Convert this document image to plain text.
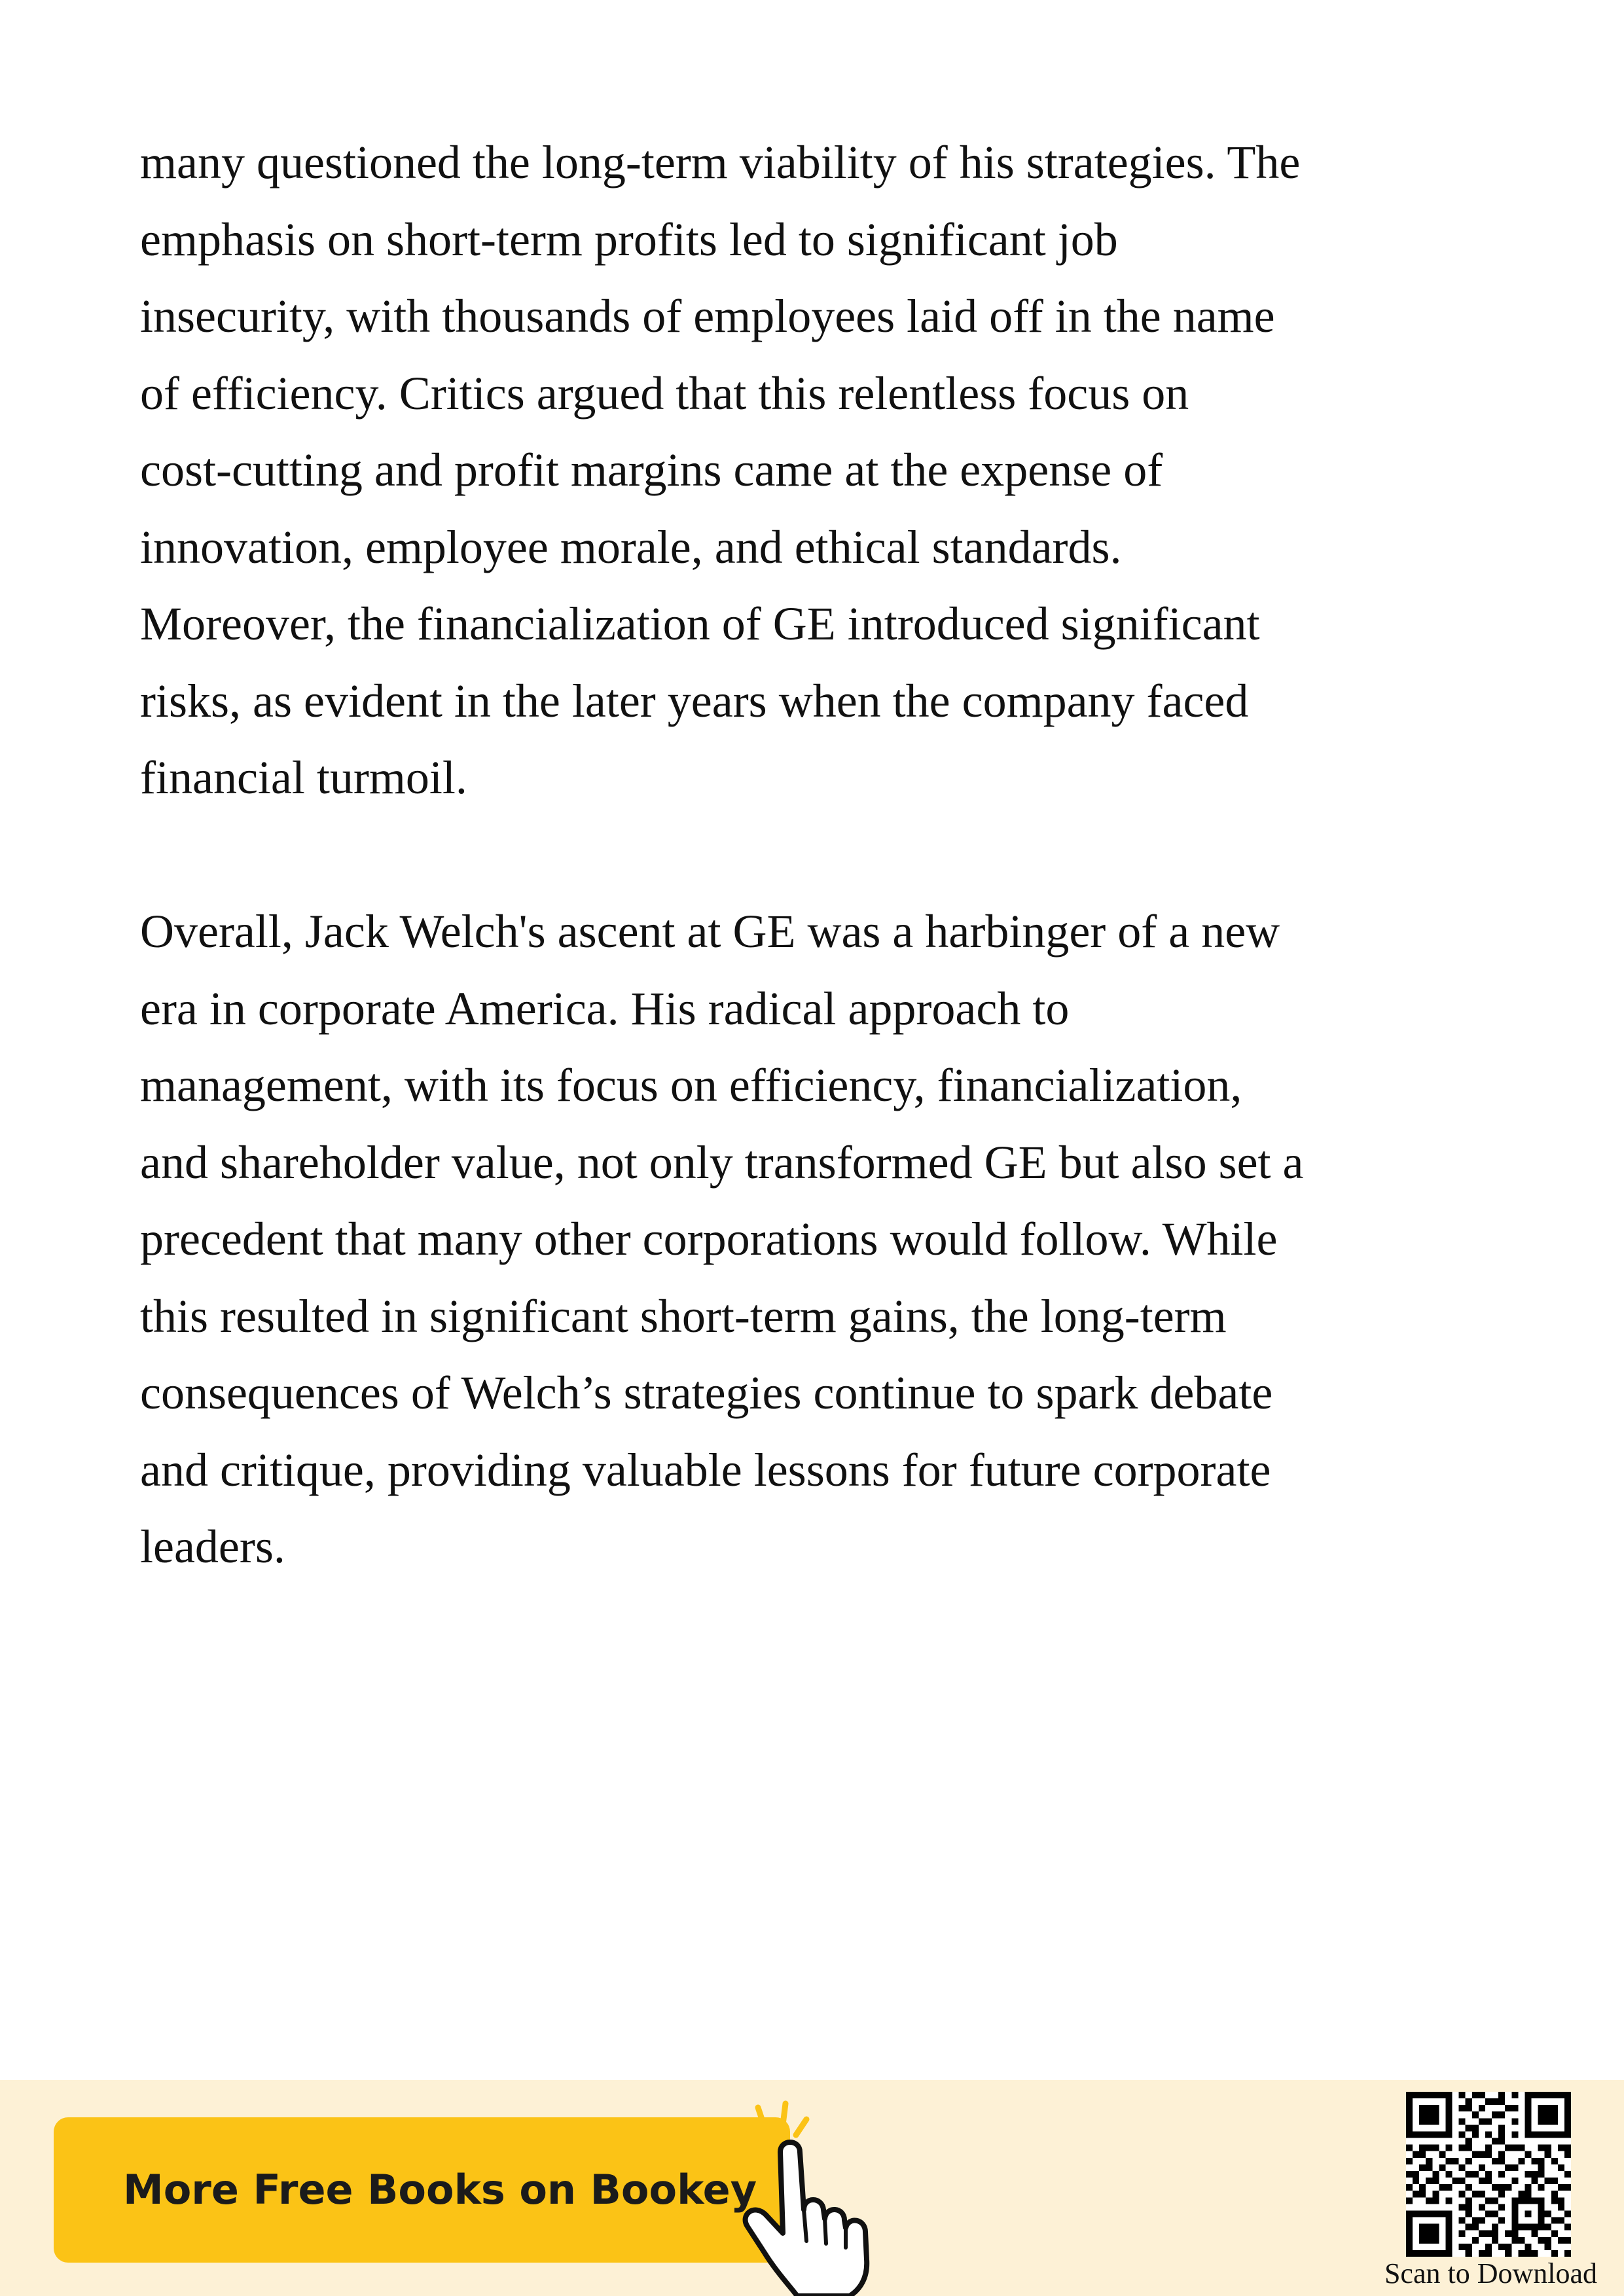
many questioned the long-term viability of his strategies. The
emphasis on short-term profits led to significant job
insecurity, with thousands of employees laid off in the name
of efficiency. Critics argued that this relentless focus on
cost-cutting and profit margins came at the expense of
innovation, employee morale, and ethical standards.
Moreover, the financialization of GE introduced significant
risks, as evident in the later years when the company faced
financial turmoil.

Overall, Jack Welch's ascent at GE was a harbinger of a new
era in corporate America. His radical approach to
management, with its focus on efficiency, financialization,
and shareholder value, not only transformed GE but also set a
precedent that many other corporations would follow. While
this resulted in significant short-term gains, the long-term
consequences of Welch’s strategies continue to spark debate
and critique, providing valuable lessons for future corporate
leaders.

More Free Books on Bookey
Scan to Download
